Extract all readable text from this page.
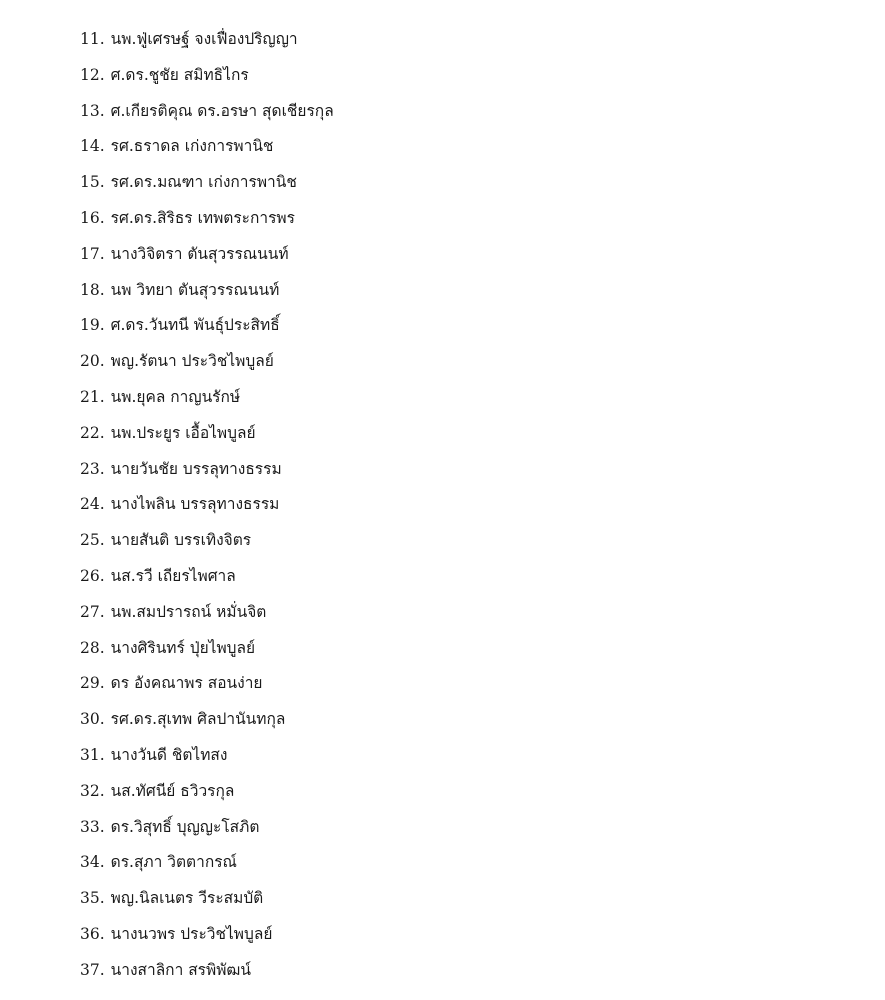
11. นพ.ฟู่เศรษฐ์ จงเฟื่องปริญญา
12. ศ.ดร.ชูชัย สมิทธิไกร
13. ศ.เกียรติคุณ ดร.อรษา สุดเชียรกุล
14. รศ.ธราดล เก่งการพานิช
15. รศ.ดร.มณฑา เก่งการพานิช
16. รศ.ดร.สิริธร เทพตระการพร
17. นางวิจิตรา ตันสุวรรณนนท์
18. นพ วิทยา ตันสุวรรณนนท์
19. ศ.ดร.วันทนี พันธุ์ประสิทธิ์
20. พญ.รัตนา ประวิชไพบูลย์
21. นพ.ยุคล กาญนรักษ์
22. นพ.ประยูร เอื้อไพบูลย์
23. นายวันชัย บรรลุทางธรรม
24. นางไพลิน บรรลุทางธรรม
25. นายสันติ บรรเทิงจิตร
26. นส.รวี เถียรไพศาล
27. นพ.สมปรารถน์ หมั่นจิต
28. นางศิรินทร์ ปุ่ยไพบูลย์
29. ดร อังคณาพร สอนง่าย
30. รศ.ดร.สุเทพ ศิลปานันทกุล
31. นางวันดี ชิตไทสง
32. นส.ทัศนีย์ ธวิวรกุล
33. ดร.วิสุทธิ์ บุญญะโสภิต
34. ดร.สุภา วิตตากรณ์
35. พญ.นิลเนตร วีระสมบัติ
36. นางนวพร ประวิชไพบูลย์
37. นางสาลิกา สรพิพัฒน์
